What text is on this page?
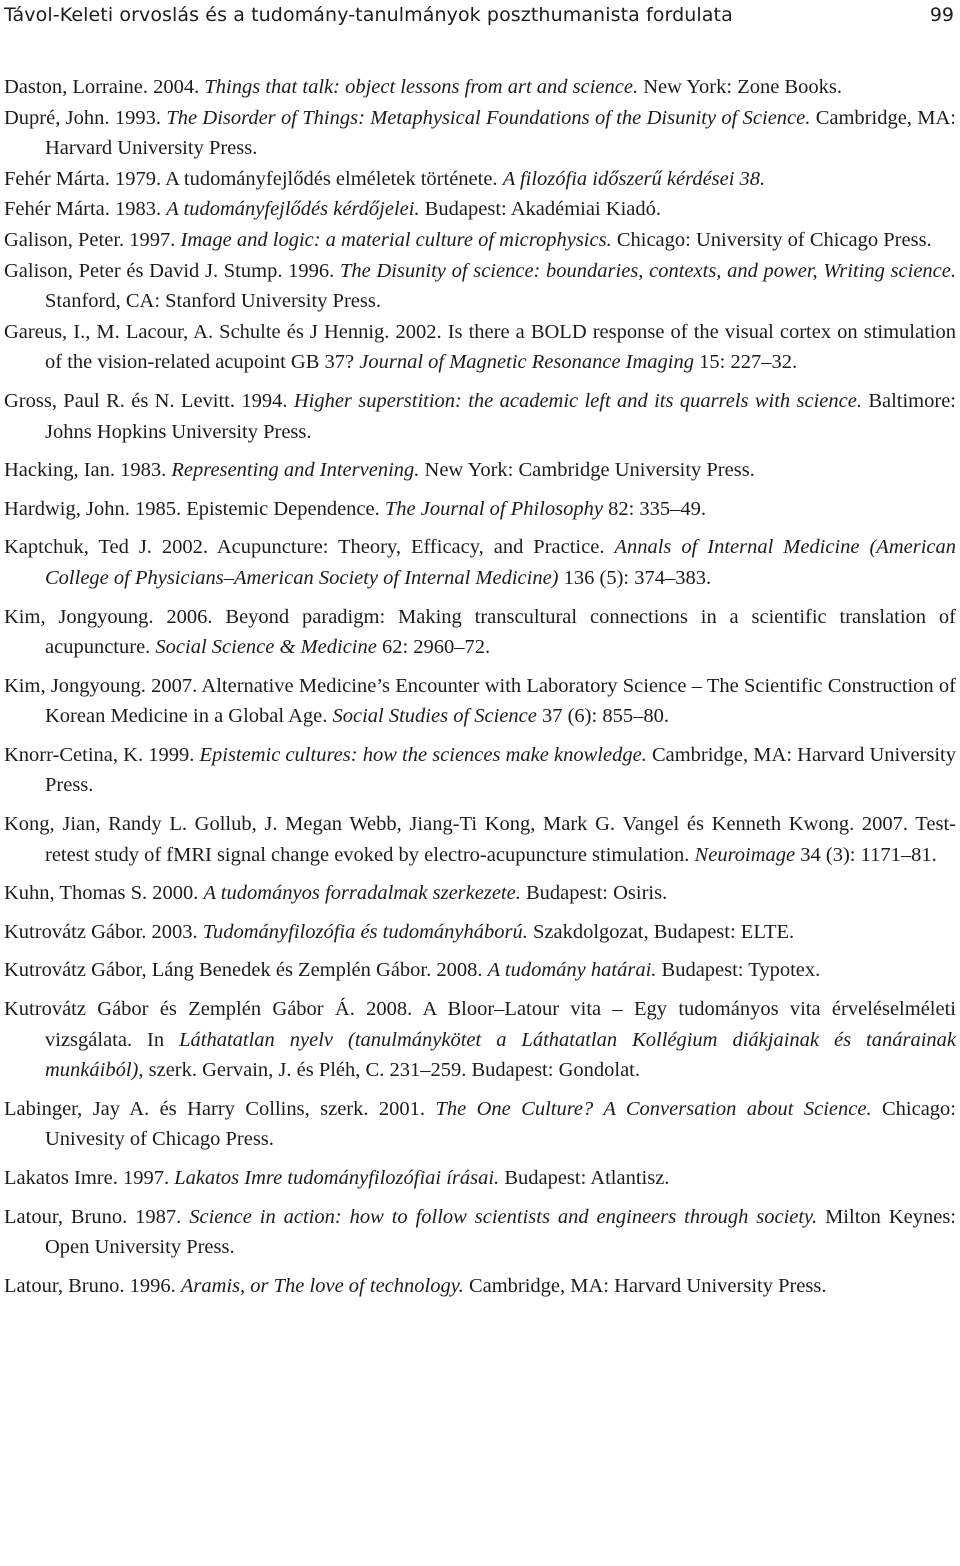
Távol-Keleti orvoslás és a tudomány-tanulmányok poszthumanista fordulata	99
Daston, Lorraine. 2004. Things that talk: object lessons from art and science. New York: Zone Books.
Dupré, John. 1993. The Disorder of Things: Metaphysical Foundations of the Disunity of Science. Cambridge, MA: Harvard University Press.
Fehér Márta. 1979. A tudományfejlődés elméletek története. A filozófia időszerű kérdései 38.
Fehér Márta. 1983. A tudományfejlődés kérdőjelei. Budapest: Akadémiai Kiadó.
Galison, Peter. 1997. Image and logic: a material culture of microphysics. Chicago: University of Chicago Press.
Galison, Peter és David J. Stump. 1996. The Disunity of science: boundaries, contexts, and power, Writing science. Stanford, CA: Stanford University Press.
Gareus, I., M. Lacour, A. Schulte és J Hennig. 2002. Is there a BOLD response of the visual cortex on stimulation of the vision-related acupoint GB 37? Journal of Magnetic Resonance Imaging 15: 227–32.
Gross, Paul R. és N. Levitt. 1994. Higher superstition: the academic left and its quarrels with science. Baltimore: Johns Hopkins University Press.
Hacking, Ian. 1983. Representing and Intervening. New York: Cambridge University Press.
Hardwig, John. 1985. Epistemic Dependence. The Journal of Philosophy 82: 335–49.
Kaptchuk, Ted J. 2002. Acupuncture: Theory, Efficacy, and Practice. Annals of Internal Medicine (American College of Physicians–American Society of Internal Medicine) 136 (5): 374–383.
Kim, Jongyoung. 2006. Beyond paradigm: Making transcultural connections in a scientific translation of acupuncture. Social Science & Medicine 62: 2960–72.
Kim, Jongyoung. 2007. Alternative Medicine’s Encounter with Laboratory Science – The Scientific Construction of Korean Medicine in a Global Age. Social Studies of Science 37 (6): 855–80.
Knorr-Cetina, K. 1999. Epistemic cultures: how the sciences make knowledge. Cambridge, MA: Harvard University Press.
Kong, Jian, Randy L. Gollub, J. Megan Webb, Jiang-Ti Kong, Mark G. Vangel és Kenneth Kwong. 2007. Test-retest study of fMRI signal change evoked by electro-acupuncture stimulation. Neuroimage 34 (3): 1171–81.
Kuhn, Thomas S. 2000. A tudományos forradalmak szerkezete. Budapest: Osiris.
Kutrovátz Gábor. 2003. Tudományfilozófia és tudományháború. Szakdolgozat, Budapest: ELTE.
Kutrovátz Gábor, Láng Benedek és Zemplén Gábor. 2008. A tudomány határai. Budapest: Typotex.
Kutrovátz Gábor és Zemplén Gábor Á. 2008. A Bloor–Latour vita – Egy tudományos vita érveléselméleti vizsgálata. In Láthatatlan nyelv (tanulmánykötet a Láthatatlan Kollégium diákjainak és tanárainak munkáiból), szerk. Gervain, J. és Pléh, C. 231–259. Budapest: Gondolat.
Labinger, Jay A. és Harry Collins, szerk. 2001. The One Culture? A Conversation about Science. Chicago: Univesity of Chicago Press.
Lakatos Imre. 1997. Lakatos Imre tudományfilozófiai írásai. Budapest: Atlantisz.
Latour, Bruno. 1987. Science in action: how to follow scientists and engineers through society. Milton Keynes: Open University Press.
Latour, Bruno. 1996. Aramis, or The love of technology. Cambridge, MA: Harvard University Press.
